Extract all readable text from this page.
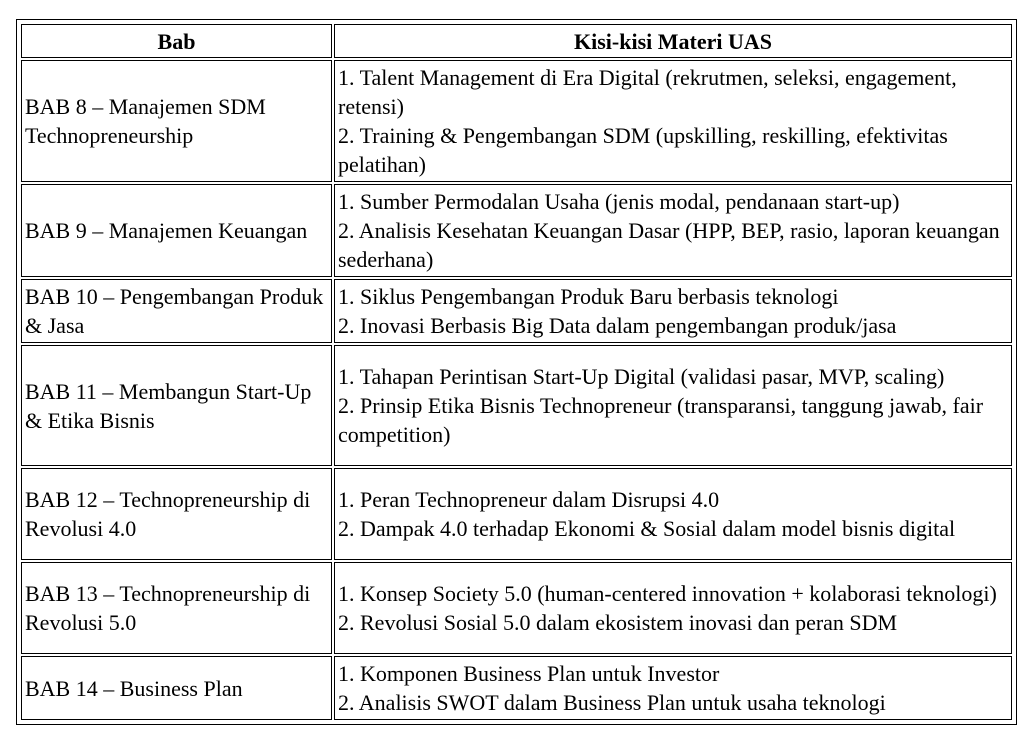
Bab	Kisi-kisi Materi UAS
BAB 8 – Manajemen SDM Technopreneurship	1. Talent Management di Era Digital (rekrutmen, seleksi, engagement, retensi)
2. Training & Pengembangan SDM (upskilling, reskilling, efektivitas pelatihan)

BAB 9 – Manajemen Keuangan	1. Sumber Permodalan Usaha (jenis modal, pendanaan start-up)
2. Analisis Kesehatan Keuangan Dasar (HPP, BEP, rasio, laporan keuangan sederhana)

BAB 10 – Pengembangan Produk & Jasa	1. Siklus Pengembangan Produk Baru berbasis teknologi
2. Inovasi Berbasis Big Data dalam pengembangan produk/jasa

BAB 11 – Membangun Start-Up & Etika Bisnis	1. Tahapan Perintisan Start-Up Digital (validasi pasar, MVP, scaling)
2. Prinsip Etika Bisnis Technopreneur (transparansi, tanggung jawab, fair competition)

BAB 12 – Technopreneurship di Revolusi 4.0	1. Peran Technopreneur dalam Disrupsi 4.0
2. Dampak 4.0 terhadap Ekonomi & Sosial dalam model bisnis digital

BAB 13 – Technopreneurship di Revolusi 5.0	1. Konsep Society 5.0 (human-centered innovation + kolaborasi teknologi)
2. Revolusi Sosial 5.0 dalam ekosistem inovasi dan peran SDM

BAB 14 – Business Plan	1. Komponen Business Plan untuk Investor
2. Analisis SWOT dalam Business Plan untuk usaha teknologi
